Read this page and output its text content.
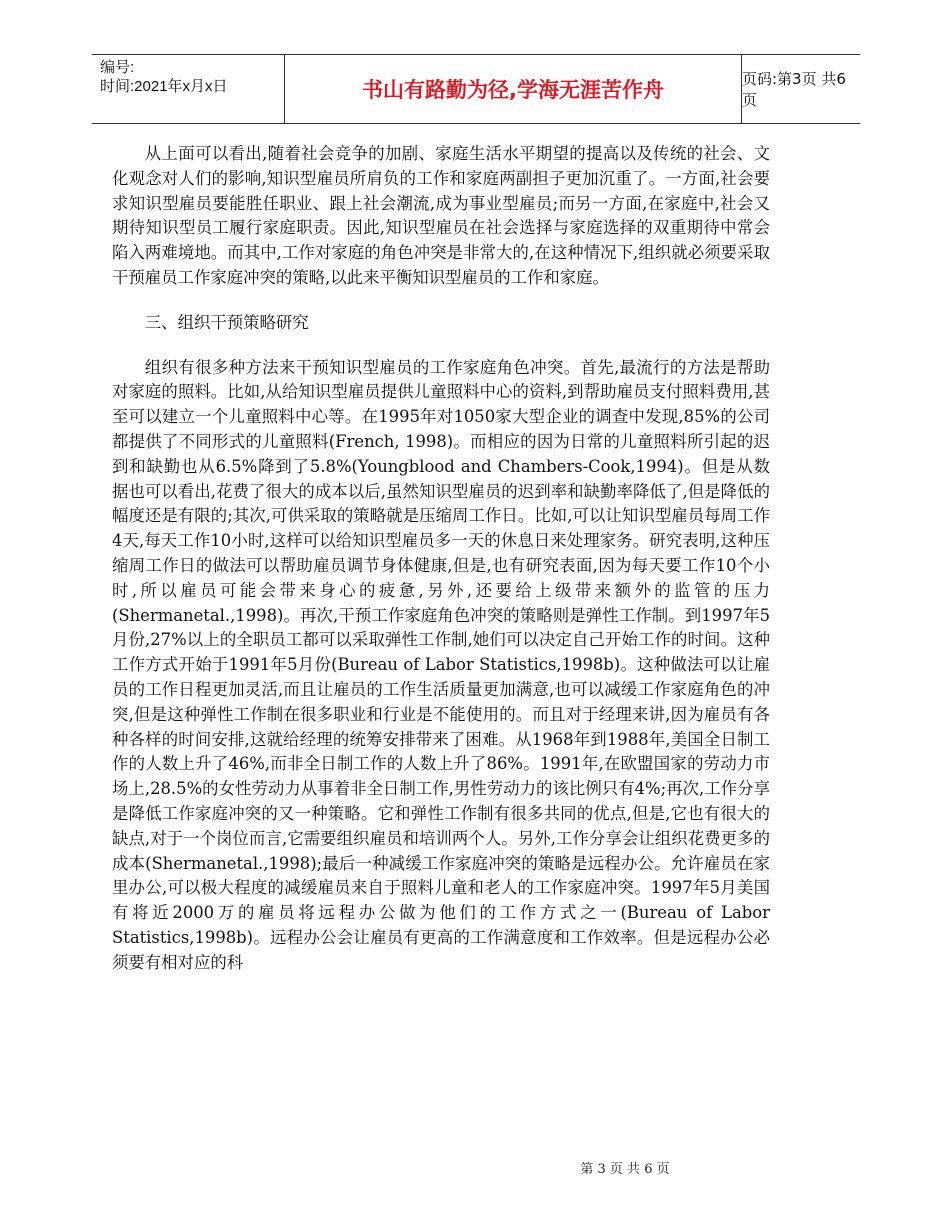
编号:
时间:2021年x月x日	书山有路勤为径,学海无涯苦作舟	页码:第3页 共6页

从上面可以看出,随着社会竞争的加剧、家庭生活水平期望的提高以及传统的社会、文化观念对人们的影响,知识型雇员所肩负的工作和家庭两副担子更加沉重了。一方面,社会要求知识型雇员要能胜任职业、跟上社会潮流,成为事业型雇员;而另一方面,在家庭中,社会又期待知识型员工履行家庭职责。因此,知识型雇员在社会选择与家庭选择的双重期待中常会陷入两难境地。而其中,工作对家庭的角色冲突是非常大的,在这种情况下,组织就必须要采取干预雇员工作家庭冲突的策略,以此来平衡知识型雇员的工作和家庭。

三、组织干预策略研究

组织有很多种方法来干预知识型雇员的工作家庭角色冲突。首先,最流行的方法是帮助对家庭的照料。比如,从给知识型雇员提供儿童照料中心的资料,到帮助雇员支付照料费用,甚至可以建立一个儿童照料中心等。在1995年对1050家大型企业的调查中发现,85%的公司都提供了不同形式的儿童照料(French, 1998)。而相应的因为日常的儿童照料所引起的迟到和缺勤也从6.5%降到了5.8%(Youngblood and Chambers-Cook,1994)。但是从数据也可以看出,花费了很大的成本以后,虽然知识型雇员的迟到率和缺勤率降低了,但是降低的幅度还是有限的;其次,可供采取的策略就是压缩周工作日。比如,可以让知识型雇员每周工作4天,每天工作10小时,这样可以给知识型雇员多一天的休息日来处理家务。研究表明,这种压缩周工作日的做法可以帮助雇员调节身体健康,但是,也有研究表面,因为每天要工作10个小时,所以雇员可能会带来身心的疲惫,另外,还要给上级带来额外的监管的压力(Shermanetal.,1998)。再次,干预工作家庭角色冲突的策略则是弹性工作制。到1997年5月份,27%以上的全职员工都可以采取弹性工作制,她们可以决定自己开始工作的时间。这种工作方式开始于1991年5月份(Bureau of Labor Statistics,1998b)。这种做法可以让雇员的工作日程更加灵活,而且让雇员的工作生活质量更加满意,也可以减缓工作家庭角色的冲突,但是这种弹性工作制在很多职业和行业是不能使用的。而且对于经理来讲,因为雇员有各种各样的时间安排,这就给经理的统筹安排带来了困难。从1968年到1988年,美国全日制工作的人数上升了46%,而非全日制工作的人数上升了86%。1991年,在欧盟国家的劳动力市场上,28.5%的女性劳动力从事着非全日制工作,男性劳动力的该比例只有4%;再次,工作分享是降低工作家庭冲突的又一种策略。它和弹性工作制有很多共同的优点,但是,它也有很大的缺点,对于一个岗位而言,它需要组织雇员和培训两个人。另外,工作分享会让组织花费更多的成本(Shermanetal.,1998);最后一种减缓工作家庭冲突的策略是远程办公。允许雇员在家里办公,可以极大程度的减缓雇员来自于照料儿童和老人的工作家庭冲突。1997年5月美国有将近2000万的雇员将远程办公做为他们的工作方式之一(Bureau of Labor Statistics,1998b)。远程办公会让雇员有更高的工作满意度和工作效率。但是远程办公必须要有相对应的科

第 3 页 共 6 页
